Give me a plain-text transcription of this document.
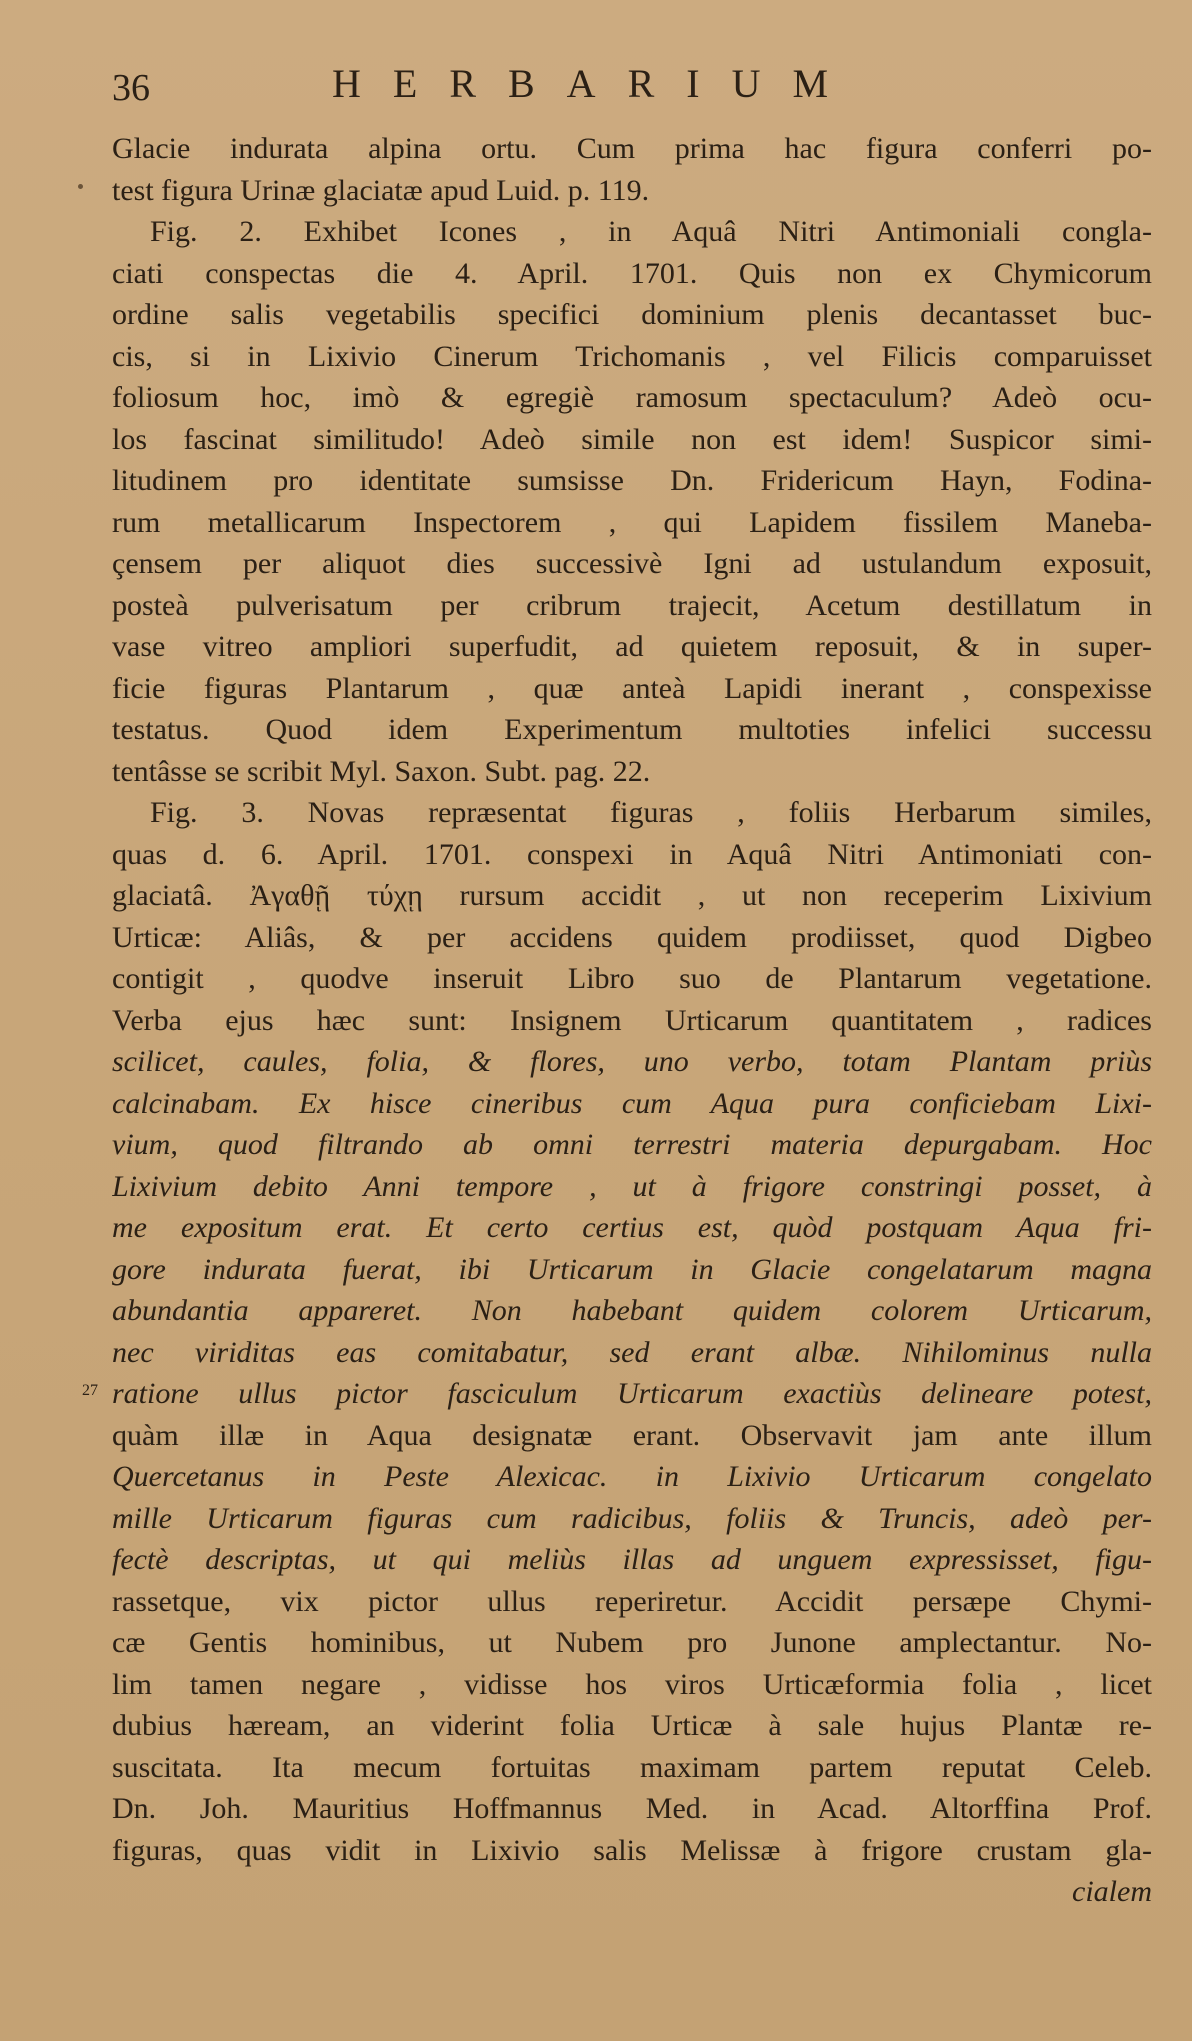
36	HERBARIUM
27
Glacie indurata alpina ortu. Cum prima hac figura conferri po-
test figura Urinæ glaciatæ apud Luid. p. 119.
Fig. 2. Exhibet Icones , in Aquâ Nitri Antimoniali congla-
ciati conspectas die 4. April. 1701. Quis non ex Chymicorum
ordine salis vegetabilis specifici dominium plenis decantasset buc-
cis, si in Lixivio Cinerum Trichomanis , vel Filicis comparuisset
foliosum hoc, imò & egregiè ramosum spectaculum? Adeò ocu-
los fascinat similitudo! Adeò simile non est idem! Suspicor simi-
litudinem pro identitate sumsisse Dn. Fridericum Hayn, Fodina-
rum metallicarum Inspectorem , qui Lapidem fissilem Maneba-
çensem per aliquot dies successivè Igni ad ustulandum exposuit,
posteà pulverisatum per cribrum trajecit, Acetum destillatum in
vase vitreo ampliori superfudit, ad quietem reposuit, & in super-
ficie figuras Plantarum , quæ anteà Lapidi inerant , conspexisse
testatus. Quod idem Experimentum multoties infelici successu
tentâsse se scribit Myl. Saxon. Subt. pag. 22.
Fig. 3. Novas repræsentat figuras , foliis Herbarum similes,
quas d. 6. April. 1701. conspexi in Aquâ Nitri Antimoniati con-
glaciatâ. Ἀγαθῇ τύχῃ rursum accidit , ut non receperim Lixivium
Urticæ: Aliâs, & per accidens quidem prodiisset, quod Digbeo
contigit , quodve inseruit Libro suo de Plantarum vegetatione.
Verba ejus hæc sunt: Insignem Urticarum quantitatem , radices
scilicet, caules, folia, & flores, uno verbo, totam Plantam priùs
calcinabam. Ex hisce cineribus cum Aqua pura conficiebam Lixi-
vium, quod filtrando ab omni terrestri materia depurgabam. Hoc
Lixivium debito Anni tempore , ut à frigore constringi posset, à
me expositum erat. Et certo certius est, quòd postquam Aqua fri-
gore indurata fuerat, ibi Urticarum in Glacie congelatarum magna
abundantia appareret. Non habebant quidem colorem Urticarum,
nec viriditas eas comitabatur, sed erant albæ. Nihilominus nulla
ratione ullus pictor fasciculum Urticarum exactiùs delineare potest,
quàm illæ in Aqua designatæ erant. Observavit jam ante illum
Quercetanus in Peste Alexicac. in Lixivio Urticarum congelato
mille Urticarum figuras cum radicibus, foliis & Truncis, adeò per-
fectè descriptas, ut qui meliùs illas ad unguem expressisset, figu-
rassetque, vix pictor ullus reperiretur. Accidit persæpe Chymi-
cæ Gentis hominibus, ut Nubem pro Junone amplectantur. No-
lim tamen negare , vidisse hos viros Urticæformia folia , licet
dubius hæream, an viderint folia Urticæ à sale hujus Plantæ re-
suscitata. Ita mecum fortuitas maximam partem reputat Celeb.
Dn. Joh. Mauritius Hoffmannus Med. in Acad. Altorffina Prof.
figuras, quas vidit in Lixivio salis Melissæ à frigore crustam gla-
cialem
